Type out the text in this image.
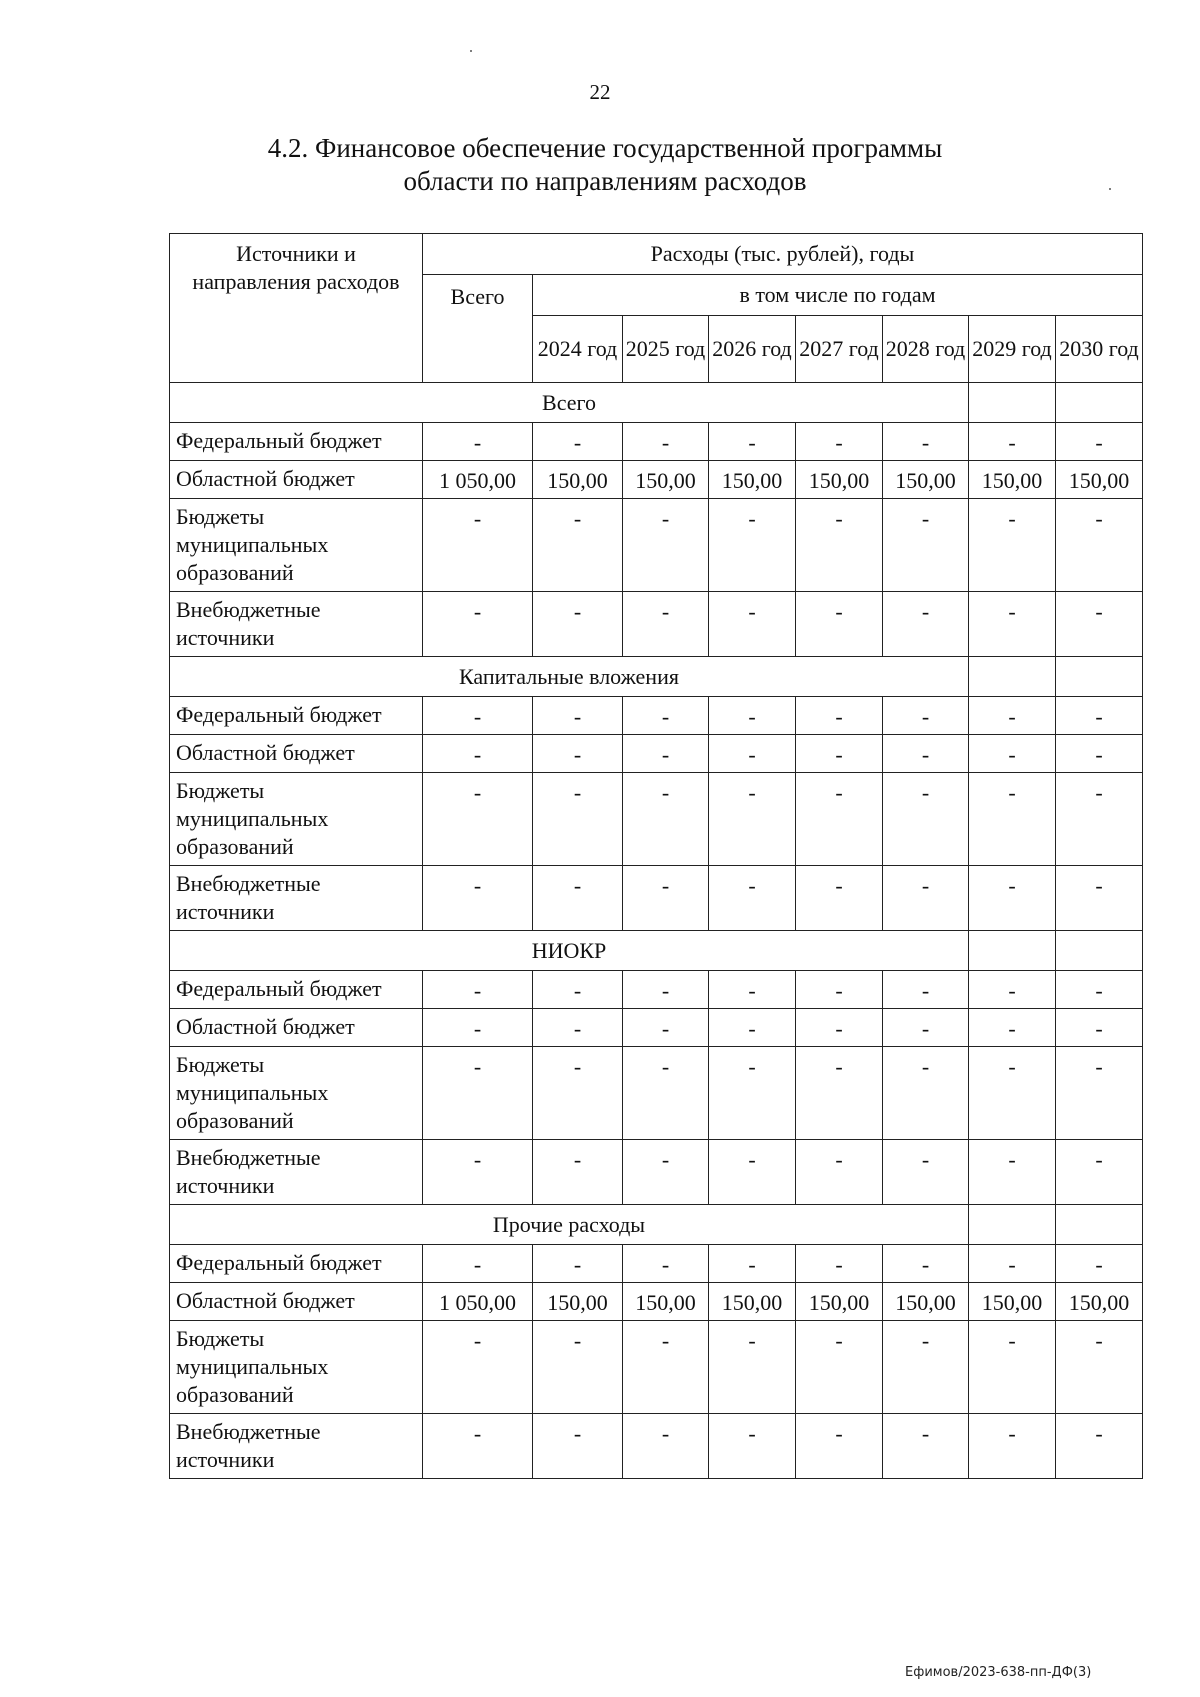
22
4.2. Финансовое обеспечение государственной программы
области по направлениям расходов
Источники и направления расходов	Расходы (тыс. рублей), годы							
	Всего	в том числе по годам						
		2024 год	2025 год	2026 год	2027 год	2028 год	2029 год	2030 год
Всего								
Федеральный бюджет	-	-	-	-	-	-	-	-
Областной бюджет	1 050,00	150,00	150,00	150,00	150,00	150,00	150,00	150,00
Бюджеты муниципальных образований	-	-	-	-	-	-	-	-
Внебюджетные источники	-	-	-	-	-	-	-	-
Капитальные вложения								
Федеральный бюджет	-	-	-	-	-	-	-	-
Областной бюджет	-	-	-	-	-	-	-	-
Бюджеты муниципальных образований	-	-	-	-	-	-	-	-
Внебюджетные источники	-	-	-	-	-	-	-	-
НИОКР								
Федеральный бюджет	-	-	-	-	-	-	-	-
Областной бюджет	-	-	-	-	-	-	-	-
Бюджеты муниципальных образований	-	-	-	-	-	-	-	-
Внебюджетные источники	-	-	-	-	-	-	-	-
Прочие расходы								
Федеральный бюджет	-	-	-	-	-	-	-	-
Областной бюджет	1 050,00	150,00	150,00	150,00	150,00	150,00	150,00	150,00
Бюджеты муниципальных образований	-	-	-	-	-	-	-	-
Внебюджетные источники	-	-	-	-	-	-	-	-
Ефимов/2023-638-пп-ДФ(3)
